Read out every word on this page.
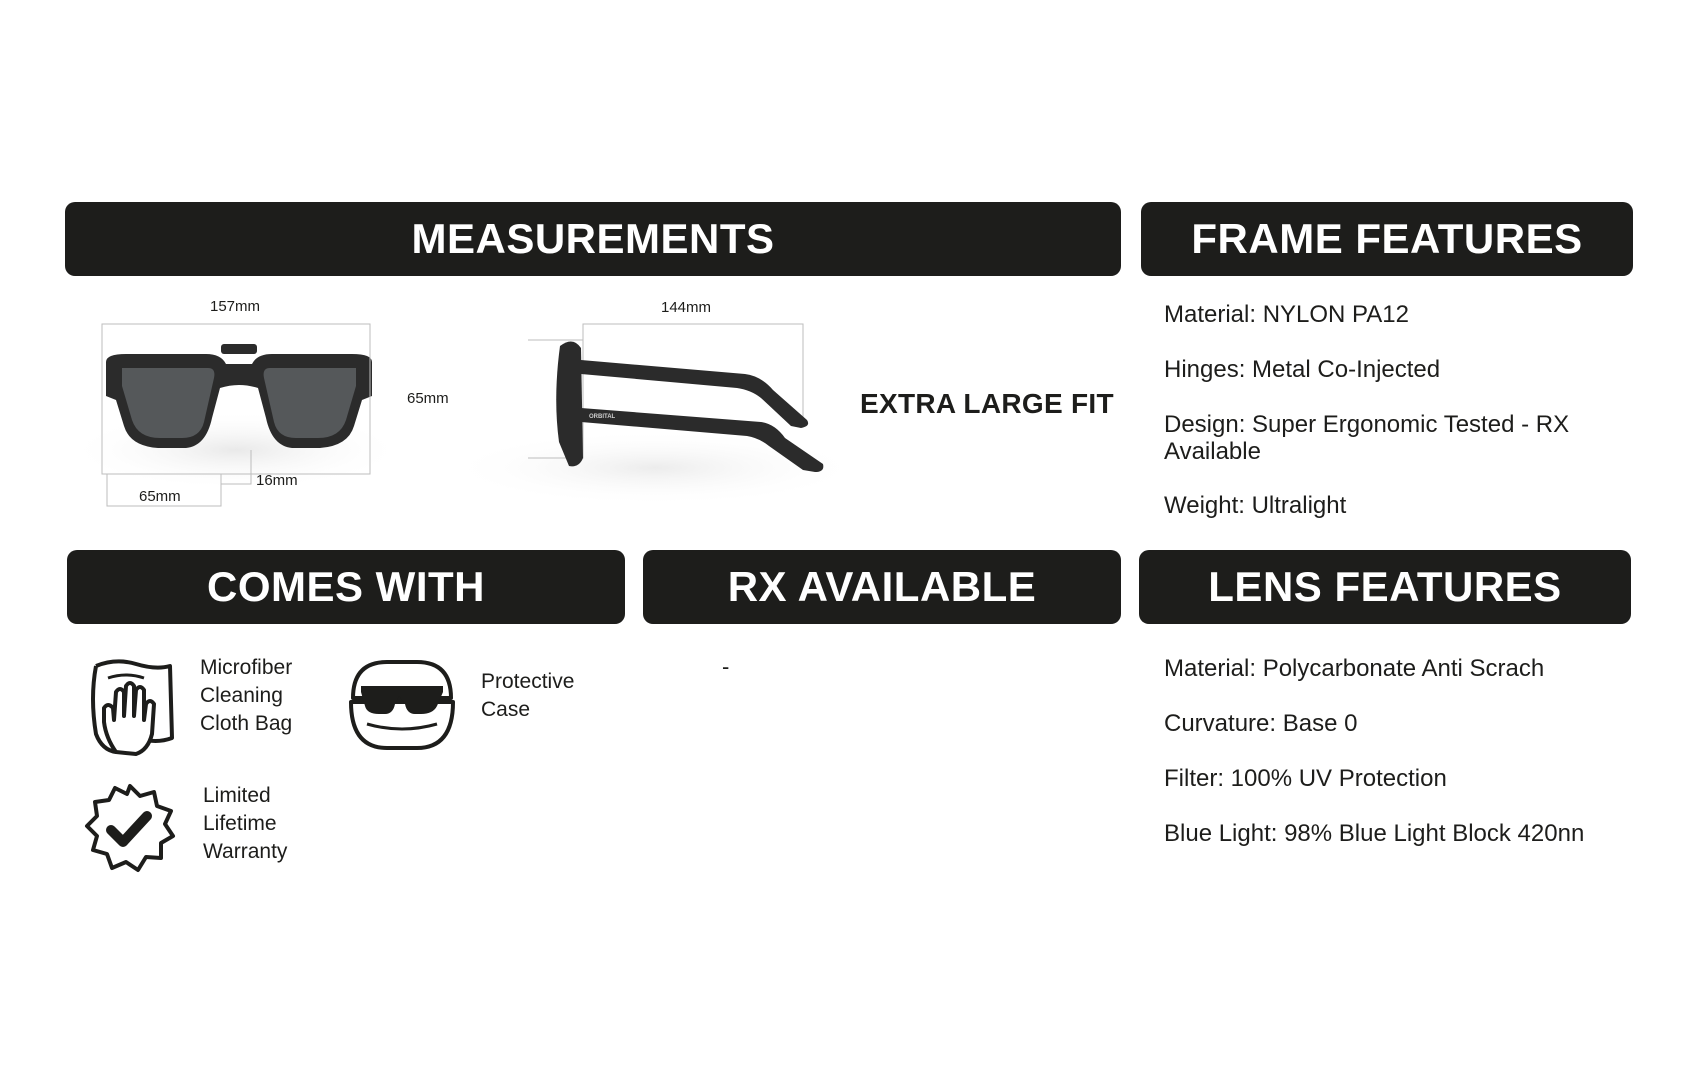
MEASUREMENTS	FRAME FEATURES
COMES WITH	RX AVAILABLE	LENS FEATURES
157mm
65mm
16mm
ORBITAL
65mm
144mm
EXTRA LARGE FIT
Material: NYLON PA12
Hinges: Metal Co-Injected
Design: Super Ergonomic Tested - RX Available
Weight: Ultralight
Microfiber
Cleaning
Cloth Bag
Protective
Case
Limited
Lifetime
Warranty
-	Material: Polycarbonate Anti Scrach
Curvature: Base 0
Filter: 100% UV Protection
Blue Light: 98% Blue Light Block 420nn
